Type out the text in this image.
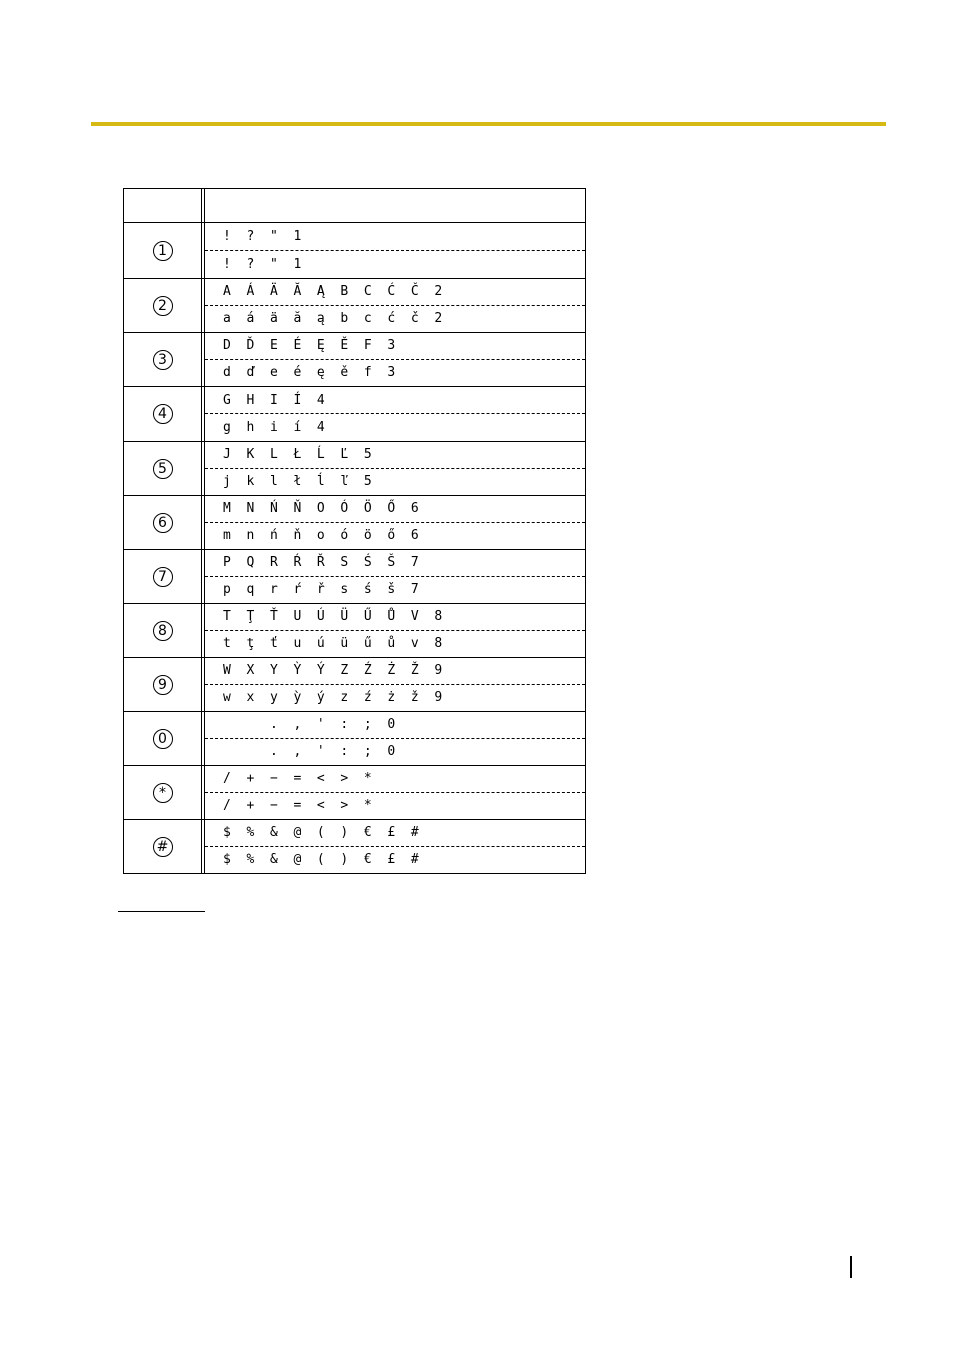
1
!  ?  "  1
!  ?  "  1
2
A  Á  Ä  Ă  Ą  B  C  Ć  Č  2
a  á  ä  ă  ą  b  c  ć  č  2
3
D  Ď  E  É  Ę  Ě  F  3
d  ď  e  é  ę  ě  f  3
4
G  H  I  Í  4
g  h  i  í  4
5
J  K  L  Ł  Ĺ  Ľ  5
j  k  l  ł  ĺ  ľ  5
6
M  N  Ń  Ň  O  Ó  Ö  Ő  6
m  n  ń  ň  o  ó  ö  ő  6
7
P  Q  R  Ŕ  Ř  S  Ś  Š  7
p  q  r  ŕ  ř  s  ś  š  7
8
T  Ţ  Ť  U  Ú  Ü  Ű  Ů  V  8
t  ţ  ť  u  ú  ü  ű  ů  v  8
9
W  X  Y  Ỳ  Ý  Z  Ź  Ż  Ž  9
w  x  y  ỳ  ý  z  ź  ż  ž  9
0
.  ,  '  :  ;  0
.  ,  '  :  ;  0
*
/  +  −  =  <  >  *
/  +  −  =  <  >  *
#
$  %  &  @  (  )  €  £  #
$  %  &  @  (  )  €  £  #
